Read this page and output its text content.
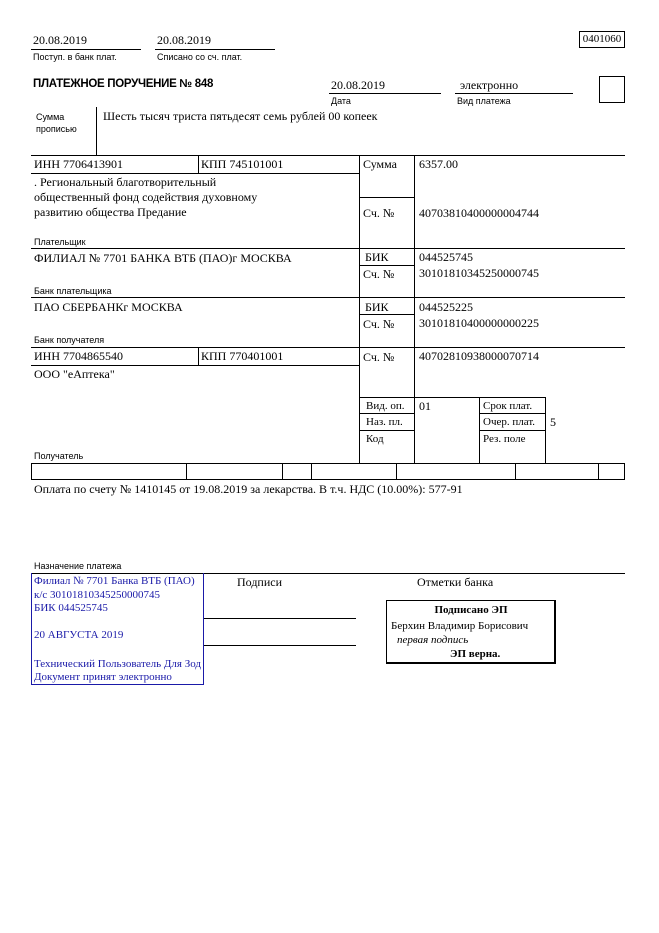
20.08.2019
Поступ. в банк плат.
20.08.2019
Списано со сч. плат.
0401060
ПЛАТЕЖНОЕ ПОРУЧЕНИЕ № 848	20.08.2019
Дата
электронно
Вид платежа
Сумма
прописью
Шесть тысяч триста пятьдесят семь рублей 00 копеек
ИНН 7706413901	КПП 745101001	Сумма 6357.00
. Региональный благотворительный
общественный фонд содействия духовному
развитию общества Предание	Сч. № 40703810400000004744
Плательщик
ФИЛИАЛ № 7701 БАНКА ВТБ (ПАО)г МОСКВА	БИК	044525745
Сч. № 30101810345250000745
Банк плательщика
ПАО СБЕРБАНКг МОСКВА	БИК	044525225
Сч. № 30101810400000000225
Банк получателя
ИНН 7704865540	КПП 770401001	Сч. № 40702810938000070714
ООО "еАптека"
Вид. оп. 01	Срок плат.
Наз. пл.	Очер. плат. 5
Код	Рез. поле
Получатель
Оплата по счету № 1410145 от 19.08.2019 за лекарства. В т.ч. НДС (10.00%): 577-91
Назначение платежа
Подписи	Отметки банка
Филиал № 7701 Банка ВТБ (ПАО)
к/с 30101810345250000745
БИК 044525745
20 АВГУСТА 2019
Технический Пользователь Для Зод
Документ принят электронно
Подписано ЭП
Берхин Владимир Борисович
первая подпись
ЭП верна.
